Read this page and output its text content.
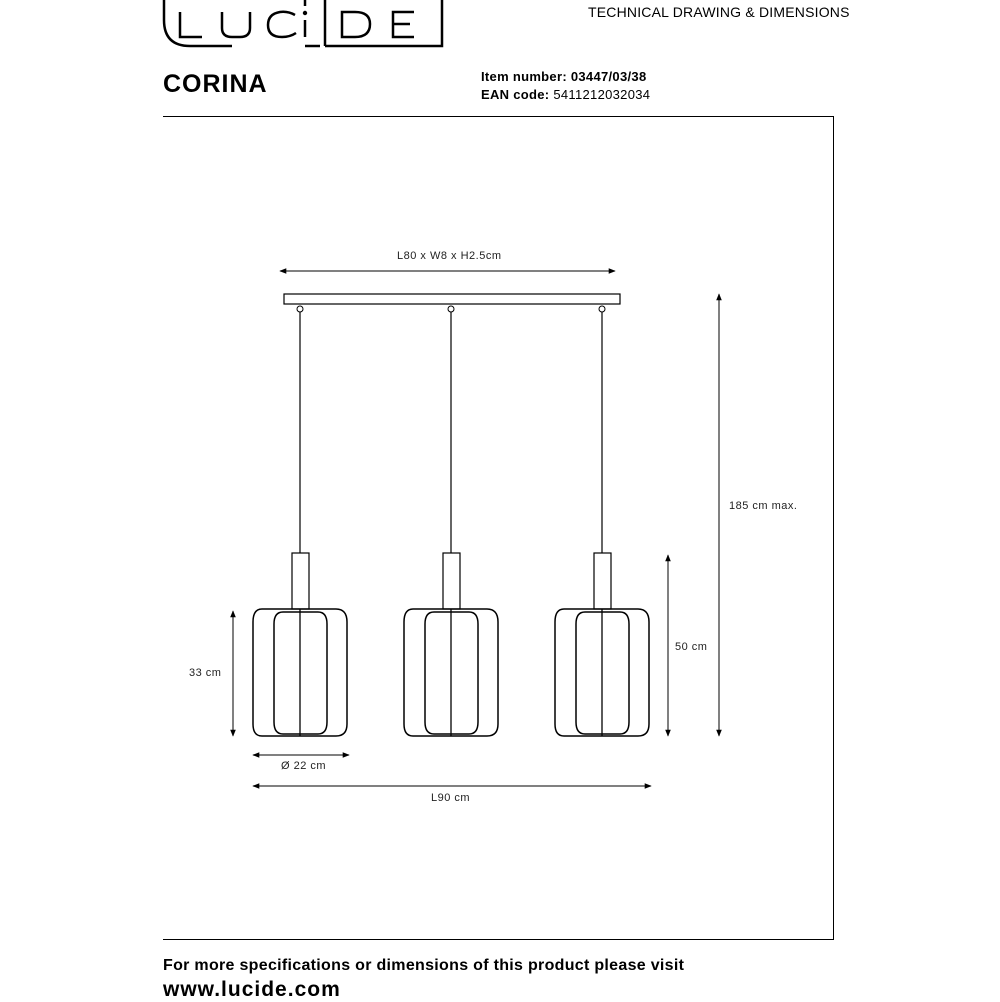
TECHNICAL DRAWING & DIMENSIONS
CORINA	Item number: 03447/03/38
EAN code: 5411212032034
L80 x W8 x H2.5cm
185 cm max.
50 cm
33 cm
Ø 22 cm
L90 cm
For more specifications or dimensions of this product please visit
www.lucide.com
